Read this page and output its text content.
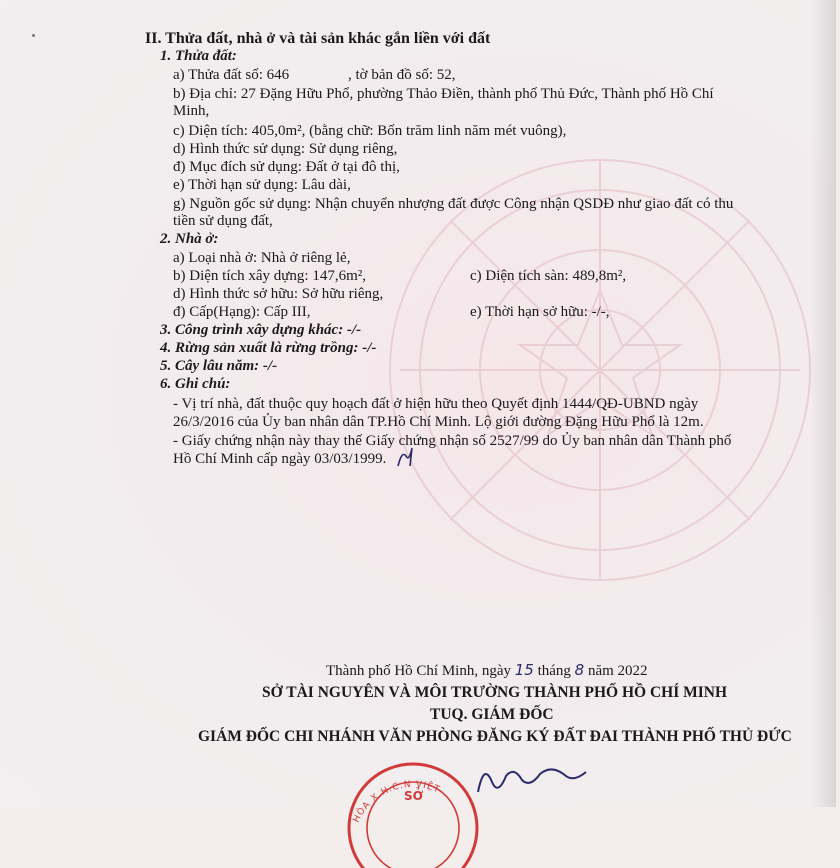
II. Thửa đất, nhà ở và tài sản khác gắn liền với đất
1. Thửa đất:
a) Thửa đất số: 646	, tờ bản đồ số: 52,
b) Địa chỉ: 27 Đặng Hữu Phổ, phường Thảo Điền, thành phố Thủ Đức, Thành phố Hồ Chí
Minh,
c) Diện tích: 405,0m², (bằng chữ: Bốn trăm linh năm mét vuông),
d) Hình thức sử dụng: Sử dụng riêng,
đ) Mục đích sử dụng: Đất ở tại đô thị,
e) Thời hạn sử dụng: Lâu dài,
g) Nguồn gốc sử dụng: Nhận chuyển nhượng đất được Công nhận QSDĐ như giao đất có thu
tiền sử dụng đất,
2. Nhà ở:
a) Loại nhà ở: Nhà ở riêng lẻ,
b) Diện tích xây dựng: 147,6m²,	c) Diện tích sàn: 489,8m²,
d) Hình thức sở hữu: Sở hữu riêng,
đ) Cấp(Hạng): Cấp III,	e) Thời hạn sở hữu: -/-,
3. Công trình xây dựng khác: -/-
4. Rừng sản xuất là rừng trồng: -/-
5. Cây lâu năm: -/-
6. Ghi chú:
- Vị trí nhà, đất thuộc quy hoạch đất ở hiện hữu theo Quyết định 1444/QĐ-UBND ngày
26/3/2016 của Ủy ban nhân dân TP.Hồ Chí Minh. Lộ giới đường Đặng Hữu Phổ là 12m.
- Giấy chứng nhận này thay thế Giấy chứng nhận số 2527/99 do Ủy ban nhân dân Thành phố
Hồ Chí Minh cấp ngày 03/03/1999.
Thành phố Hồ Chí Minh, ngày 15 tháng 8 năm 2022
SỞ TÀI NGUYÊN VÀ MÔI TRƯỜNG THÀNH PHỐ HỒ CHÍ MINH
TUQ. GIÁM ĐỐC
GIÁM ĐỐC CHI NHÁNH VĂN PHÒNG ĐĂNG KÝ ĐẤT ĐAI THÀNH PHỐ THỦ ĐỨC
HÒA X.H.C.N VIỆT
SỞ
